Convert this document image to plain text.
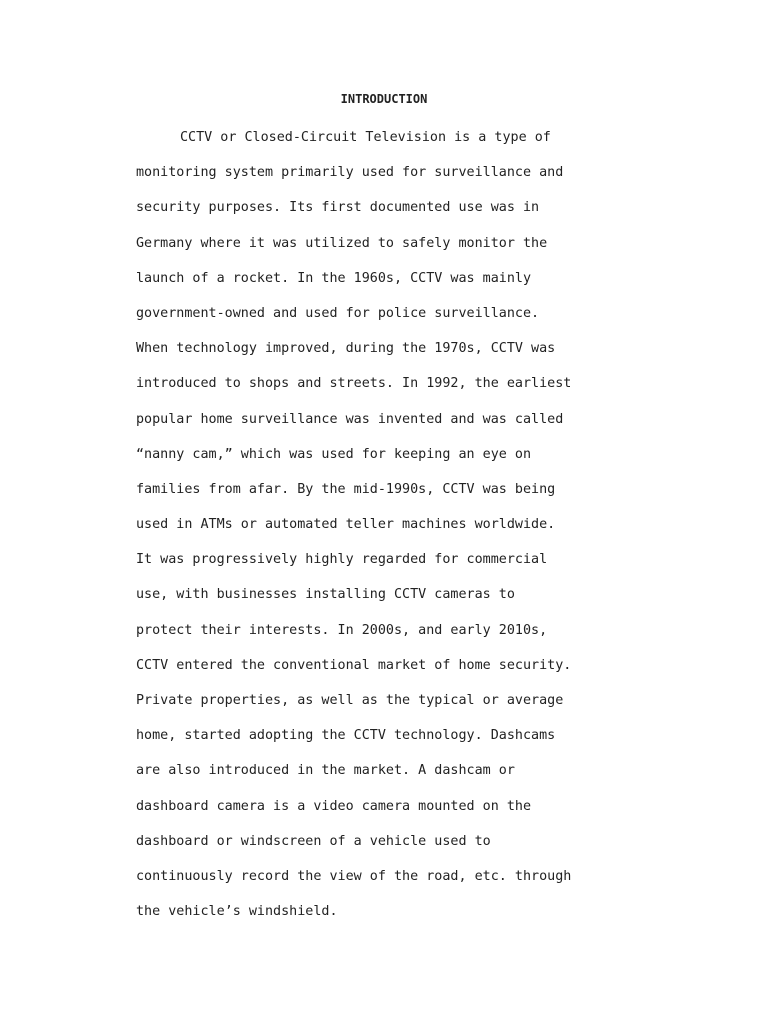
INTRODUCTION

CCTV or Closed-Circuit Television is a type of

monitoring system primarily used for surveillance and

security purposes. Its first documented use was in

Germany where it was utilized to safely monitor the

launch of a rocket. In the 1960s, CCTV was mainly

government-owned and used for police surveillance.

When technology improved, during the 1970s, CCTV was

introduced to shops and streets. In 1992, the earliest

popular home surveillance was invented and was called

“nanny cam,” which was used for keeping an eye on

families from afar. By the mid-1990s, CCTV was being

used in ATMs or automated teller machines worldwide.

It was progressively highly regarded for commercial

use, with businesses installing CCTV cameras to

protect their interests. In 2000s, and early 2010s,

CCTV entered the conventional market of home security.

Private properties, as well as the typical or average

home, started adopting the CCTV technology. Dashcams

are also introduced in the market. A dashcam or

dashboard camera is a video camera mounted on the

dashboard or windscreen of a vehicle used to

continuously record the view of the road, etc. through

the vehicle’s windshield.
